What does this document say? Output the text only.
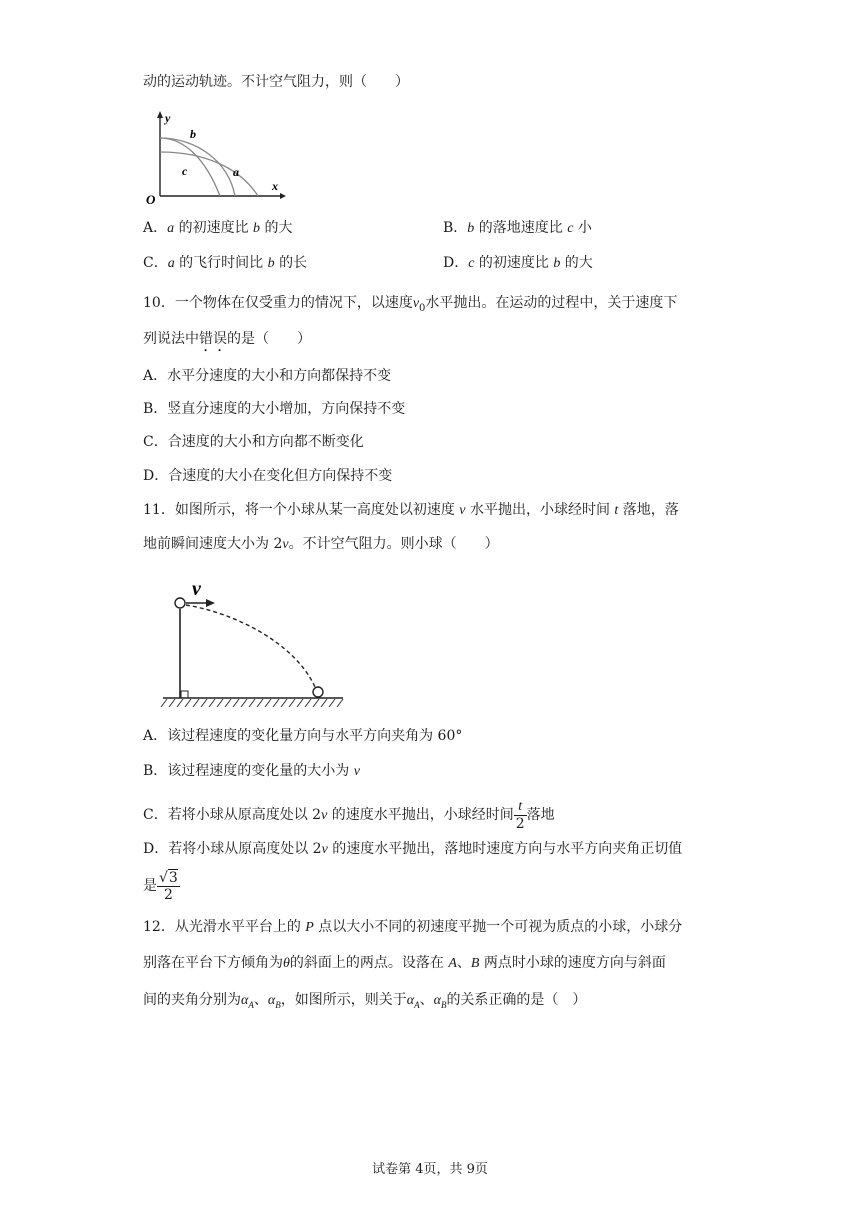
动的运动轨迹。不计空气阻力，则（　　）
y
x
O
b
c	a
A．a 的初速度比 b 的大	B．b 的落地速度比 c 小
C．a 的飞行时间比 b 的长	D．c 的初速度比 b 的大
10．一个物体在仅受重力的情况下，以速度$v_0$水平抛出。在运动的过程中，关于速度下
列说法中错误的是（　　）
A．水平分速度的大小和方向都保持不变
B．竖直分速度的大小增加，方向保持不变
C．合速度的大小和方向都不断变化
D．合速度的大小在变化但方向保持不变
11．如图所示，将一个小球从某一高度处以初速度 v 水平抛出，小球经时间 t 落地，落
地前瞬间速度大小为 2v。不计空气阻力。则小球（　　）
v
A．该过程速度的变化量方向与水平方向夹角为 60°
B．该过程速度的变化量的大小为 v
C．若将小球从原高度处以 2v 的速度水平抛出，小球经时间 $\frac{t}{2}$ 落地
D．若将小球从原高度处以 2v 的速度水平抛出，落地时速度方向与水平方向夹角正切值
是 $\frac{√3}{2}$
12．从光滑水平平台上的 P 点以大小不同的初速度平抛一个可视为质点的小球，小球分
别落在平台下方倾角为θ的斜面上的两点。设落在 A、B 两点时小球的速度方向与斜面
间的夹角分别为$\alpha_A$、$\alpha_B$，如图所示，则关于$\alpha_A$、$\alpha_B$的关系正确的是（　）
试卷第 4页，共 9页
